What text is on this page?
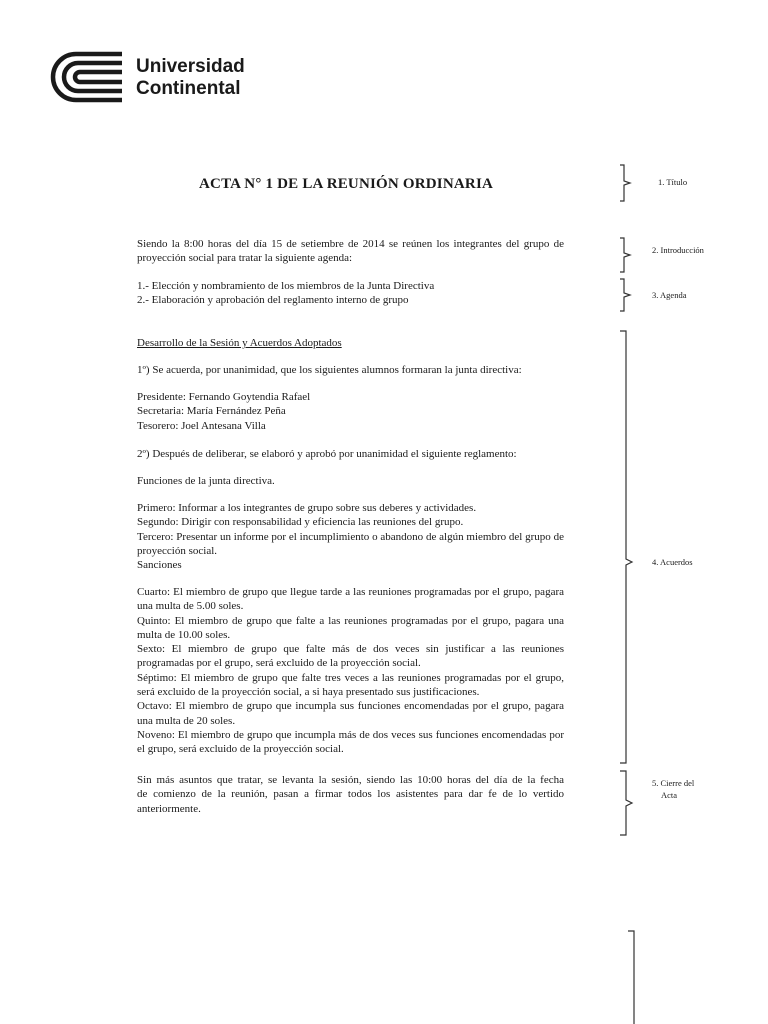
Universidad
Continental
ACTA N° 1 DE LA REUNIÓN ORDINARIA
Siendo la 8:00 horas del día 15 de setiembre de 2014 se reúnen los integrantes del grupo de proyección social para tratar la siguiente agenda:
1.- Elección y nombramiento de los miembros de la Junta Directiva
2.- Elaboración y aprobación del reglamento interno de grupo
Desarrollo de la Sesión y Acuerdos Adoptados
1º) Se acuerda, por unanimidad, que los siguientes alumnos formaran la junta directiva:
Presidente: Fernando Goytendia Rafael
Secretaria: María Fernández Peña
Tesorero: Joel Antesana Villa
2º) Después de deliberar, se elaboró y aprobó por unanimidad el siguiente reglamento:
Funciones de la junta directiva.
Primero: Informar a los integrantes de grupo sobre sus deberes y actividades.
Segundo: Dirigir con responsabilidad y eficiencia las reuniones del grupo.
Tercero: Presentar un informe por el incumplimiento o abandono de algún miembro del grupo de proyección social.
Sanciones
Cuarto: El miembro de grupo que llegue tarde a las reuniones programadas por el grupo, pagara una multa de 5.00 soles.
Quinto: El miembro de grupo que falte a las reuniones programadas por el grupo, pagara una multa de 10.00 soles.
Sexto: El miembro de grupo que falte más de dos veces sin justificar a las reuniones programadas por el grupo, será excluido de la proyección social.
Séptimo: El miembro de grupo que falte tres veces a las reuniones programadas por el grupo, será excluido de la proyección social, a si haya presentado sus justificaciones.
Octavo: El miembro de grupo que incumpla sus funciones encomendadas por el grupo, pagara una multa de 20 soles.
Noveno: El miembro de grupo que incumpla más de dos veces sus funciones encomendadas por el grupo, será excluido de la proyección social.
Sin más asuntos que tratar, se levanta la sesión, siendo las 10:00 horas del día de la fecha
de comienzo de la reunión, pasan a firmar todos los asistentes para dar fe de lo vertido
anteriormente.
1. Título
2. Introducción
3. Agenda
4. Acuerdos
5. Cierre del
Acta
